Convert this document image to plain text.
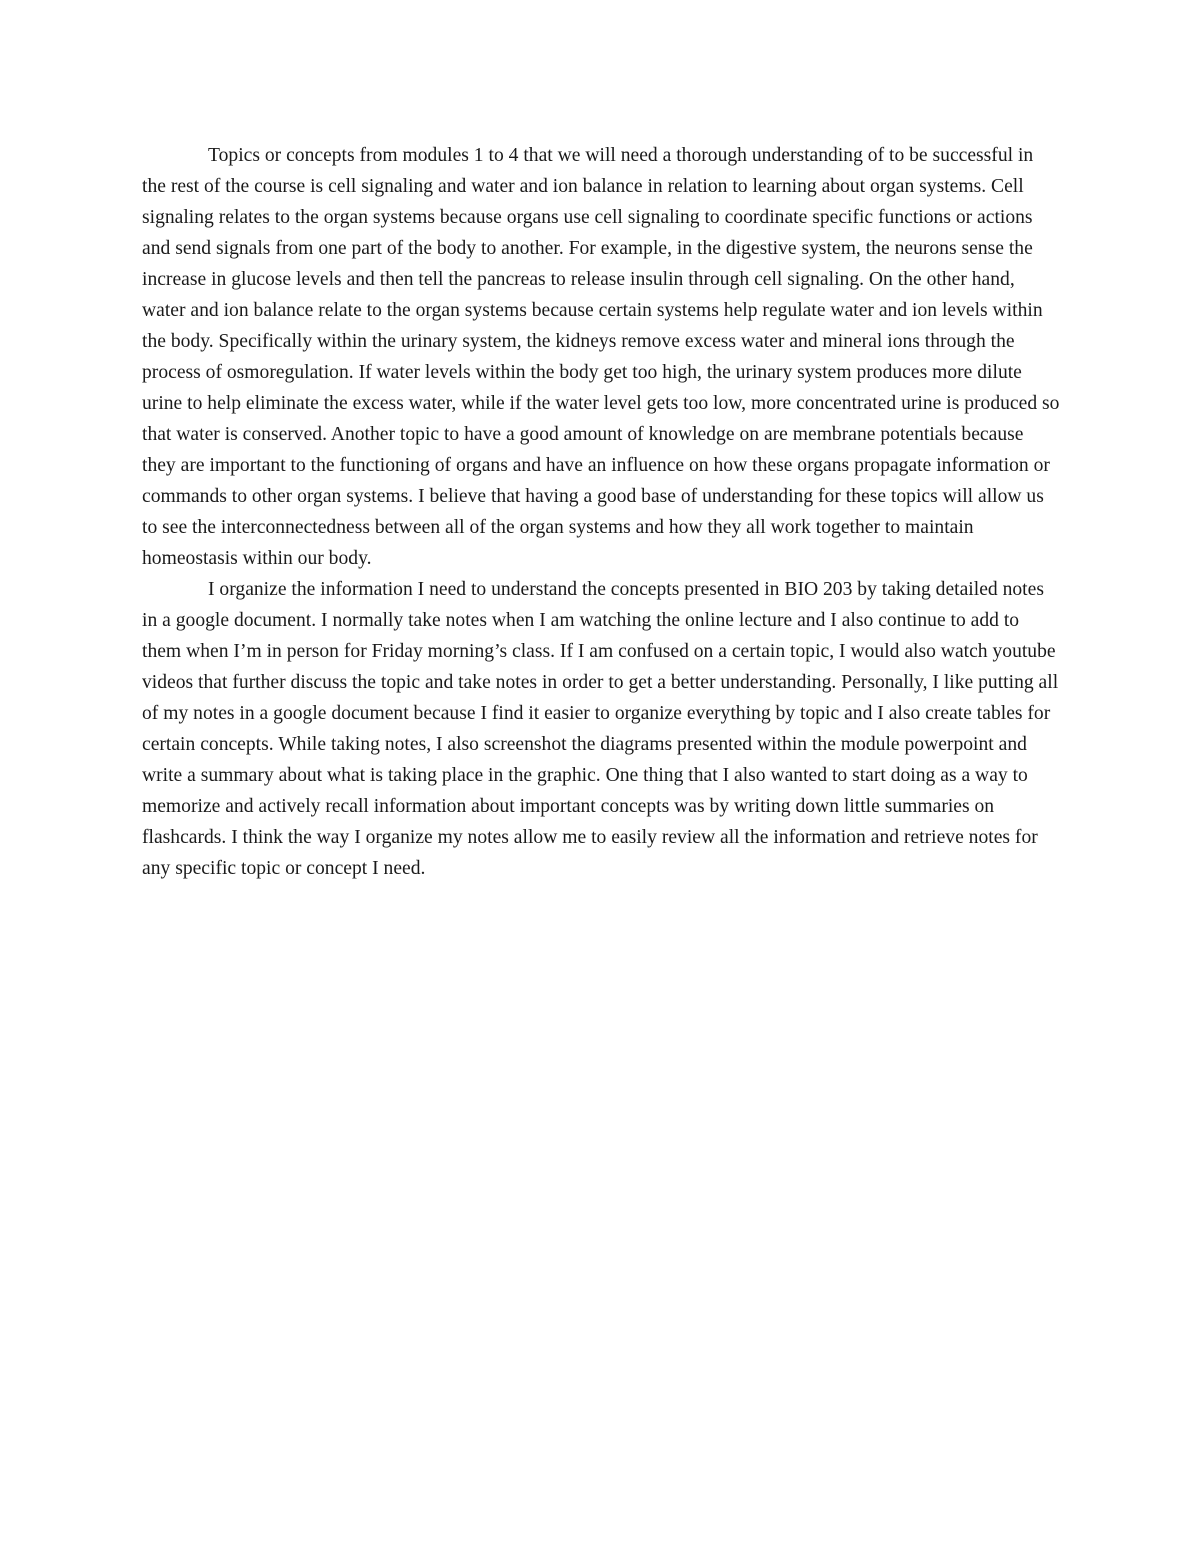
Topics or concepts from modules 1 to 4 that we will need a thorough understanding of to be successful in the rest of the course is cell signaling and water and ion balance in relation to learning about organ systems. Cell signaling relates to the organ systems because organs use cell signaling to coordinate specific functions or actions and send signals from one part of the body to another. For example, in the digestive system, the neurons sense the increase in glucose levels and then tell the pancreas to release insulin through cell signaling. On the other hand, water and ion balance relate to the organ systems because certain systems help regulate water and ion levels within the body. Specifically within the urinary system, the kidneys remove excess water and mineral ions through the process of osmoregulation. If water levels within the body get too high, the urinary system produces more dilute urine to help eliminate the excess water, while if the water level gets too low, more concentrated urine is produced so that water is conserved. Another topic to have a good amount of knowledge on are membrane potentials because they are important to the functioning of organs and have an influence on how these organs propagate information or commands to other organ systems. I believe that having a good base of understanding for these topics will allow us to see the interconnectedness between all of the organ systems and how they all work together to maintain homeostasis within our body.

I organize the information I need to understand the concepts presented in BIO 203 by taking detailed notes in a google document. I normally take notes when I am watching the online lecture and I also continue to add to them when I’m in person for Friday morning’s class. If I am confused on a certain topic, I would also watch youtube videos that further discuss the topic and take notes in order to get a better understanding. Personally, I like putting all of my notes in a google document because I find it easier to organize everything by topic and I also create tables for certain concepts. While taking notes, I also screenshot the diagrams presented within the module powerpoint and write a summary about what is taking place in the graphic. One thing that I also wanted to start doing as a way to memorize and actively recall information about important concepts was by writing down little summaries on flashcards. I think the way I organize my notes allow me to easily review all the information and retrieve notes for any specific topic or concept I need.
